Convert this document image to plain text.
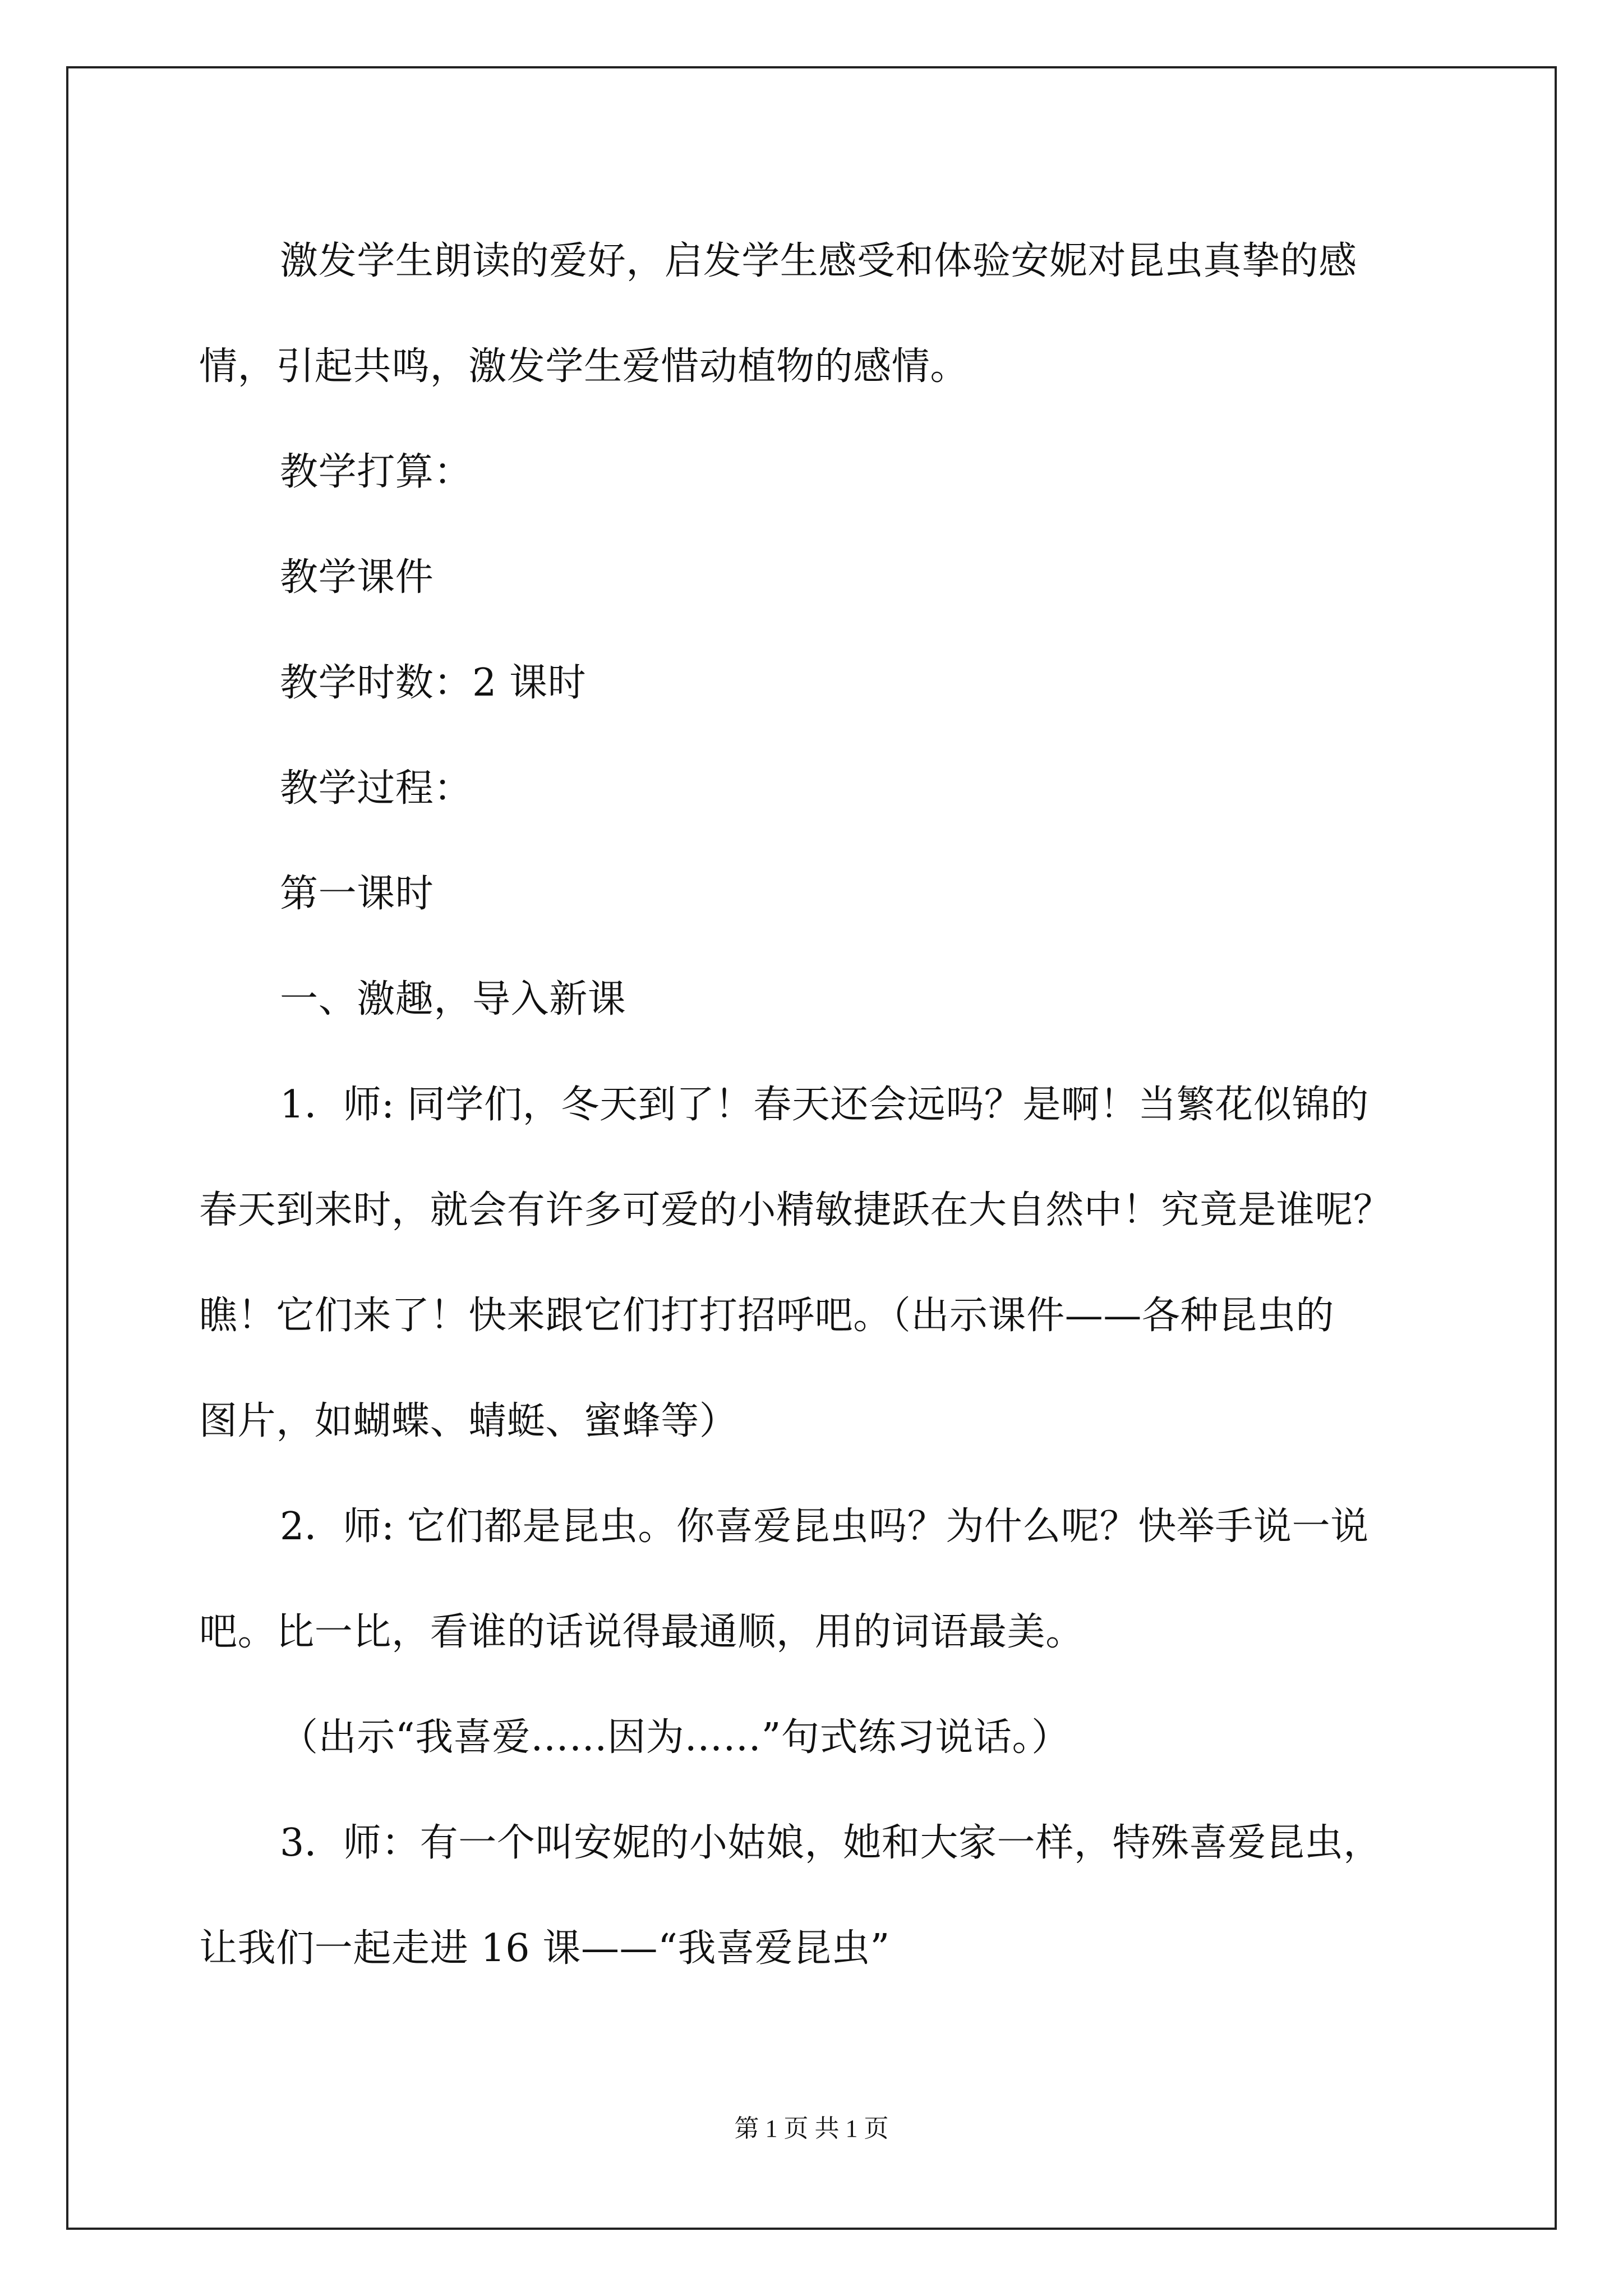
激发学生朗读的爱好，启发学生感受和体验安妮对昆虫真挚的感

情，引起共鸣，激发学生爱惜动植物的感情。

教学打算：

教学课件

教学时数：2 课时

教学过程：

第一课时

一、激趣，导入新课

1．师: 同学们，冬天到了！春天还会远吗？是啊！当繁花似锦的

春天到来时，就会有许多可爱的小精敏捷跃在大自然中！究竟是谁呢？

瞧！它们来了！快来跟它们打打招呼吧。（出示课件——各种昆虫的

图片，如蝴蝶、蜻蜓、蜜蜂等）

2．师: 它们都是昆虫。你喜爱昆虫吗？为什么呢？快举手说一说

吧。比一比，看谁的话说得最通顺，用的词语最美。

（出示“我喜爱……因为……”句式练习说话。）

3．师：有一个叫安妮的小姑娘，她和大家一样，特殊喜爱昆虫，

让我们一起走进 16 课——“我喜爱昆虫”

第 1 页 共 1 页
